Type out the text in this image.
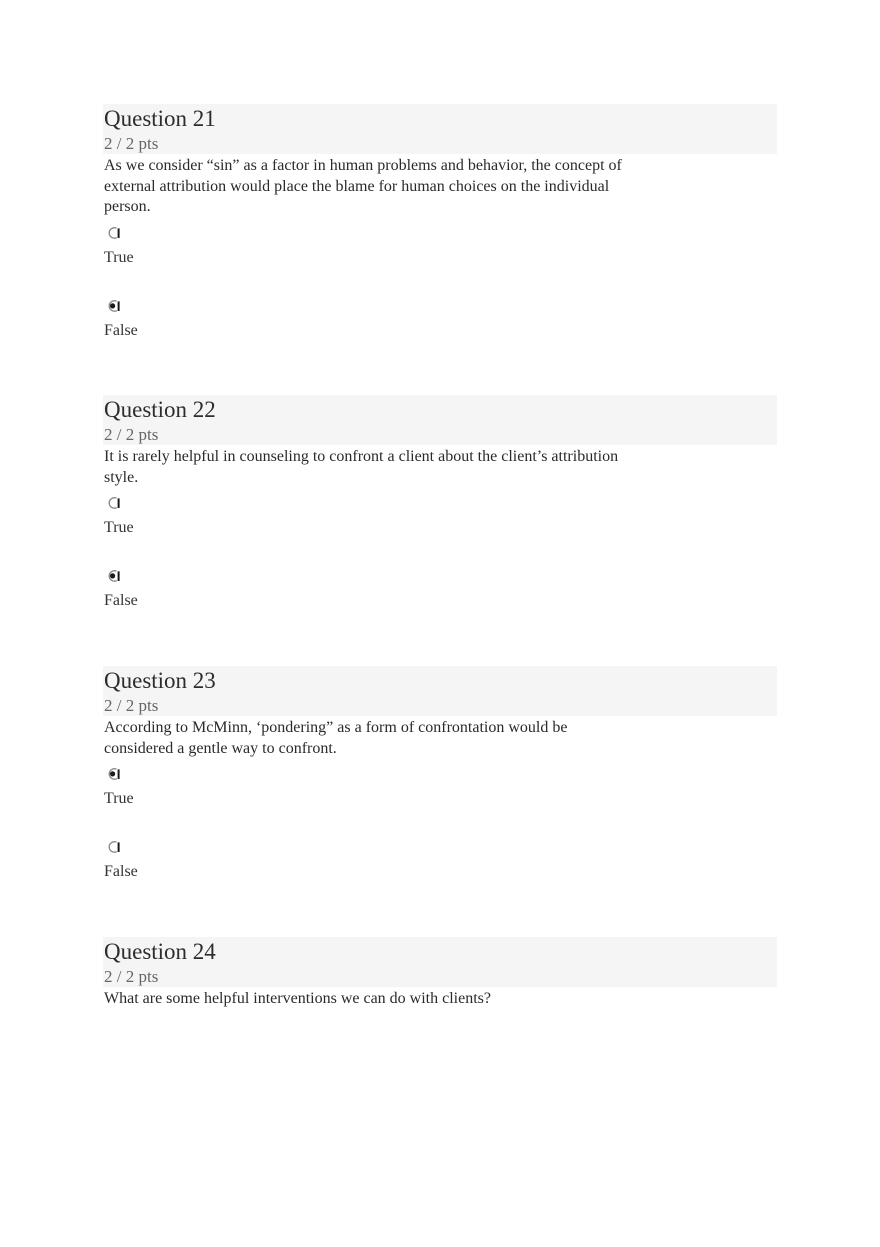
Question 21
2 / 2 pts
As we consider “sin” as a factor in human problems and behavior, the concept of external attribution would place the blame for human choices on the individual person.
True
False
Question 22
2 / 2 pts
It is rarely helpful in counseling to confront a client about the client’s attribution style.
True
False
Question 23
2 / 2 pts
According to McMinn, ‘pondering” as a form of confrontation would be considered a gentle way to confront.
True
False
Question 24
2 / 2 pts
What are some helpful interventions we can do with clients?
